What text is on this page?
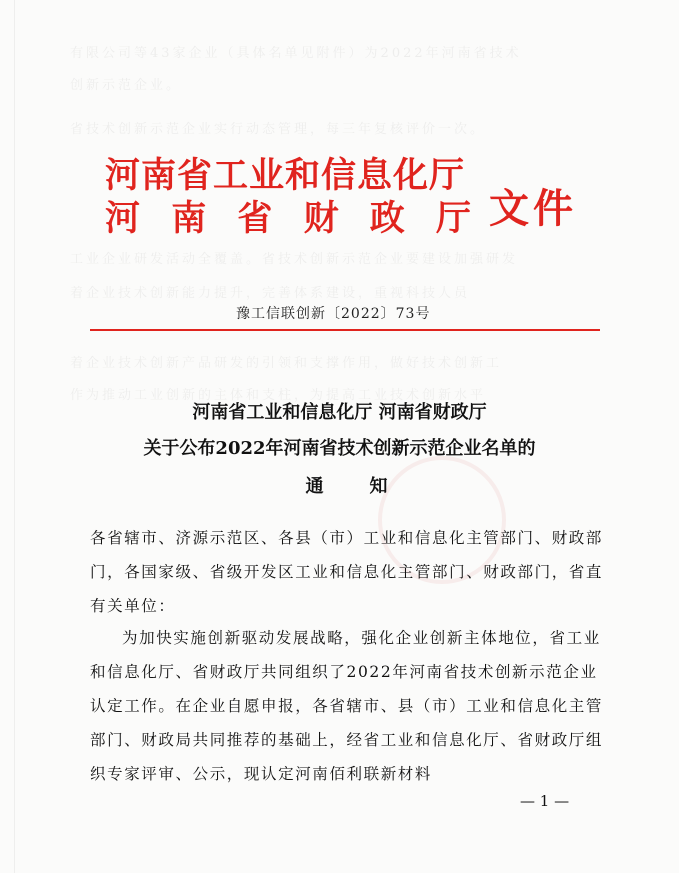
有限公司等43家企业（具体名单见附件）为2022年河南省技术
创新示范企业。
省技术创新示范企业实行动态管理，每三年复核评价一次。
工业企业研发活动全覆盖。省技术创新示范企业要建设加强研发
着企业技术创新能力提升，完善体系建设，重视科技人员
着企业技术创新产品研发的引领和支撑作用，做好技术创新工
作为推动工业创新的主体和支柱，为提高工业技术创新水平
河南省工业和信息化厅
河 南 省 财 政 厅 文件
豫工信联创新〔2022〕73号
河南省工业和信息化厅 河南省财政厅
关于公布2022年河南省技术创新示范企业名单的
通知
各省辖市、济源示范区、各县（市）工业和信息化主管部门、财政部门，各国家级、省级开发区工业和信息化主管部门、财政部门，省直有关单位：
为加快实施创新驱动发展战略，强化企业创新主体地位，省工业和信息化厅、省财政厅共同组织了2022年河南省技术创新示范企业认定工作。在企业自愿申报，各省辖市、县（市）工业和信息化主管部门、财政局共同推荐的基础上，经省工业和信息化厅、省财政厅组织专家评审、公示，现认定河南佰利联新材料
— 1 —
